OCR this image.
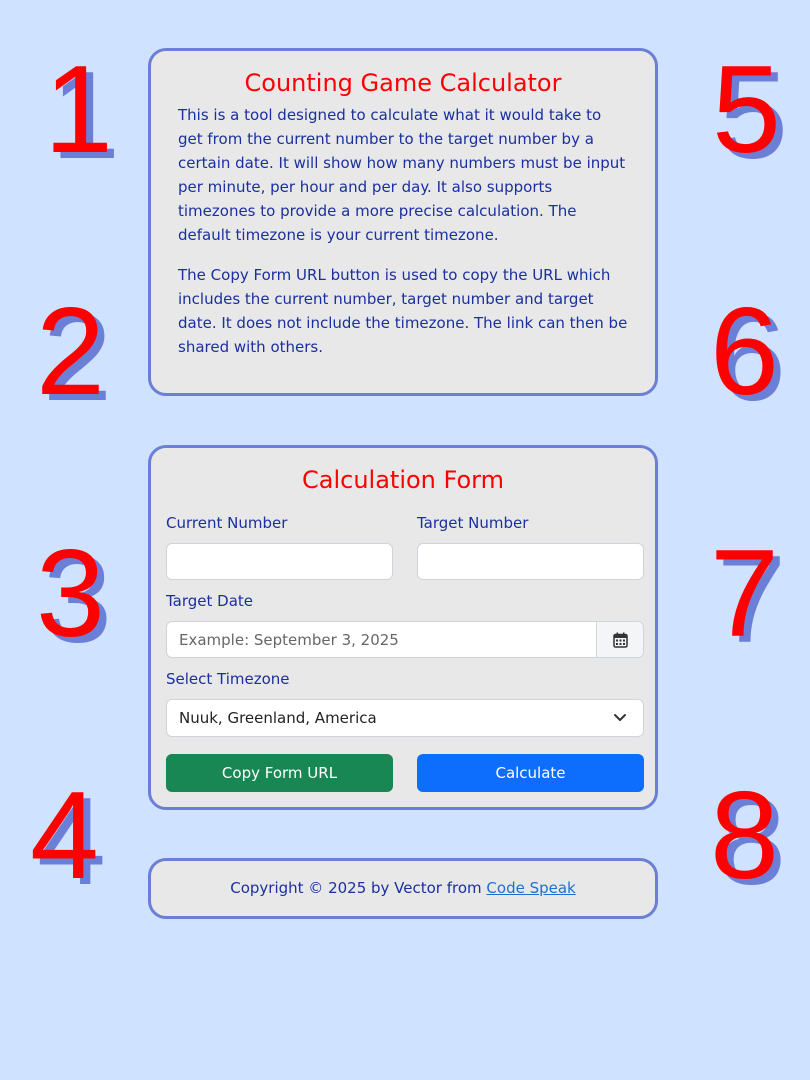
1
2
3
4
5
6
7
8
Counting Game Calculator

This is a tool designed to calculate what it would take to get from the current number to the target number by a certain date. It will show how many numbers must be input per minute, per hour and per day. It also supports timezones to provide a more precise calculation. The default timezone is your current timezone.

The Copy Form URL button is used to copy the URL which includes the current number, target number and target date. It does not include the timezone. The link can then be shared with others.

Calculation Form
Current Number	Target Number
Target Date
Example: September 3, 2025
Select Timezone
Nuuk, Greenland, America
Copy Form URL	Calculate
Copyright © 2025 by Vector from Code Speak
